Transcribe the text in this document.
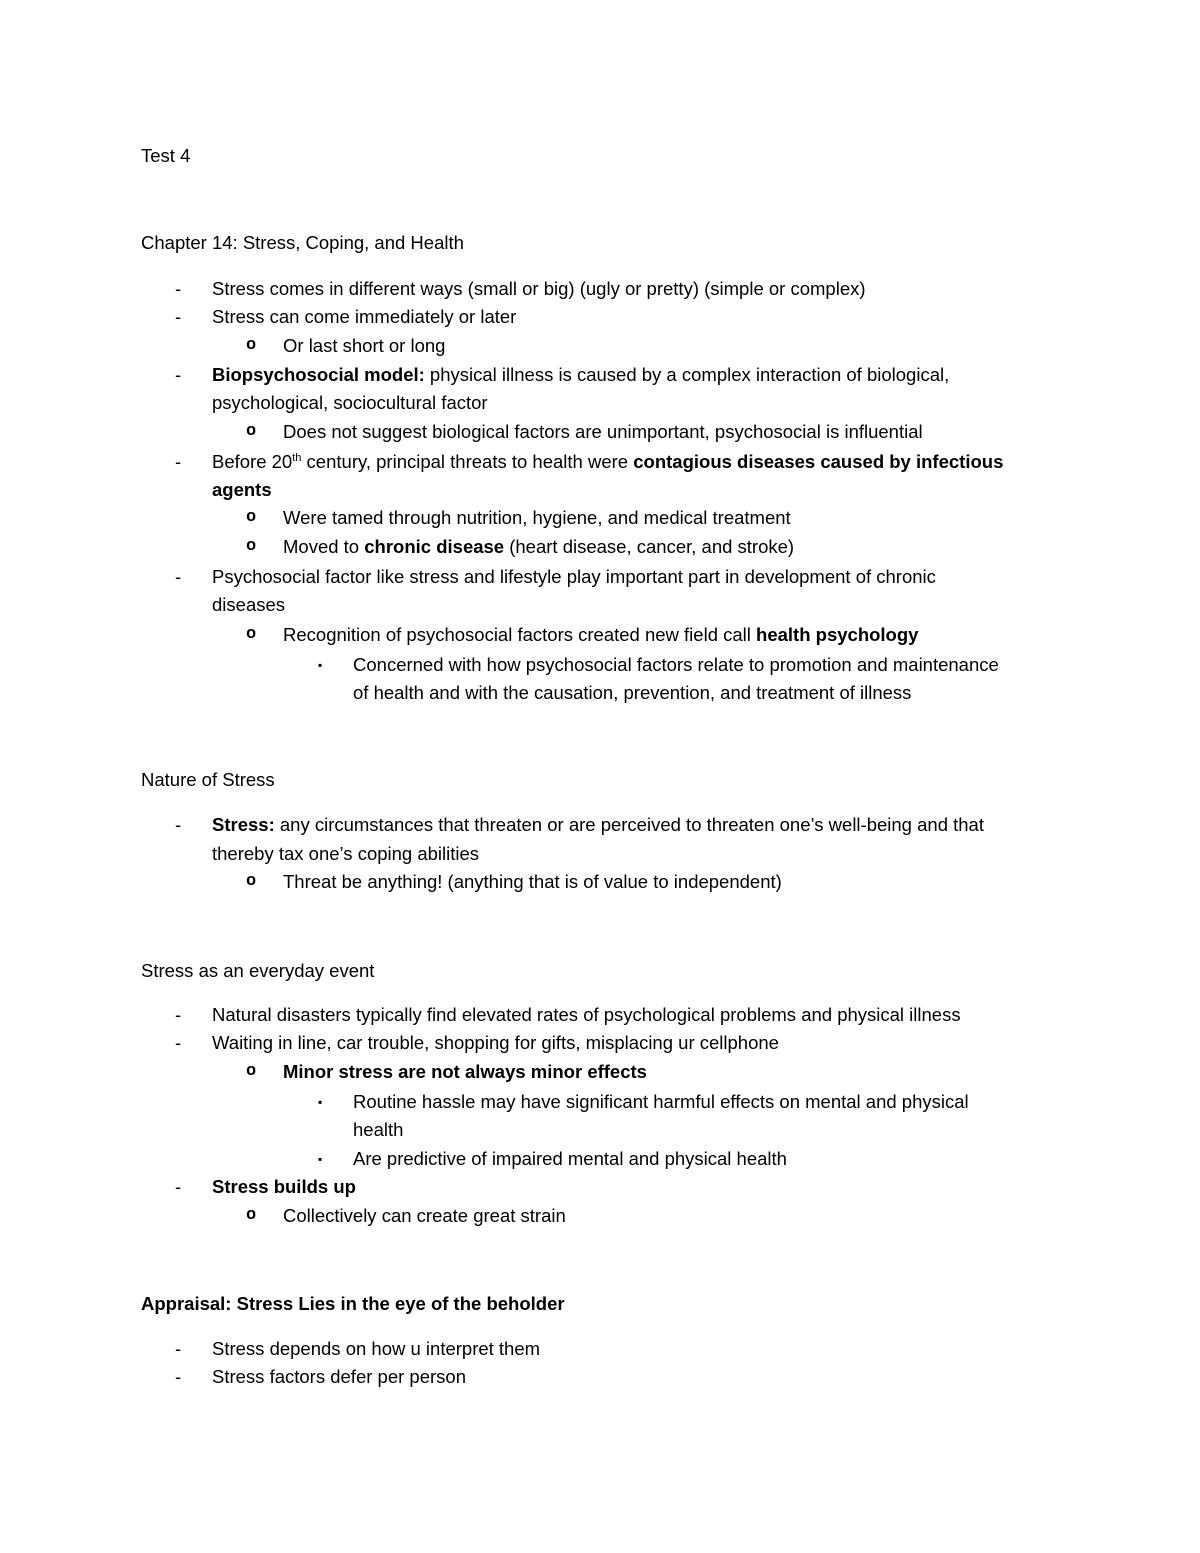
Test 4
Chapter 14: Stress, Coping, and Health
- Stress comes in different ways (small or big) (ugly or pretty) (simple or complex)
- Stress can come immediately or later
o Or last short or long
- Biopsychosocial model: physical illness is caused by a complex interaction of biological,
psychological, sociocultural factor
o Does not suggest biological factors are unimportant, psychosocial is influential
- Before 20th century, principal threats to health were contagious diseases caused by infectious
agents
o Were tamed through nutrition, hygiene, and medical treatment
o Moved to chronic disease (heart disease, cancer, and stroke)
- Psychosocial factor like stress and lifestyle play important part in development of chronic
diseases
o Recognition of psychosocial factors created new field call health psychology
▪ Concerned with how psychosocial factors relate to promotion and maintenance
of health and with the causation, prevention, and treatment of illness
Nature of Stress
- Stress: any circumstances that threaten or are perceived to threaten one’s well-being and that
thereby tax one’s coping abilities
o Threat be anything! (anything that is of value to independent)
Stress as an everyday event
- Natural disasters typically find elevated rates of psychological problems and physical illness
- Waiting in line, car trouble, shopping for gifts, misplacing ur cellphone
o Minor stress are not always minor effects
▪ Routine hassle may have significant harmful effects on mental and physical
health
▪ Are predictive of impaired mental and physical health
- Stress builds up
o Collectively can create great strain
Appraisal: Stress Lies in the eye of the beholder
- Stress depends on how u interpret them
- Stress factors defer per person
